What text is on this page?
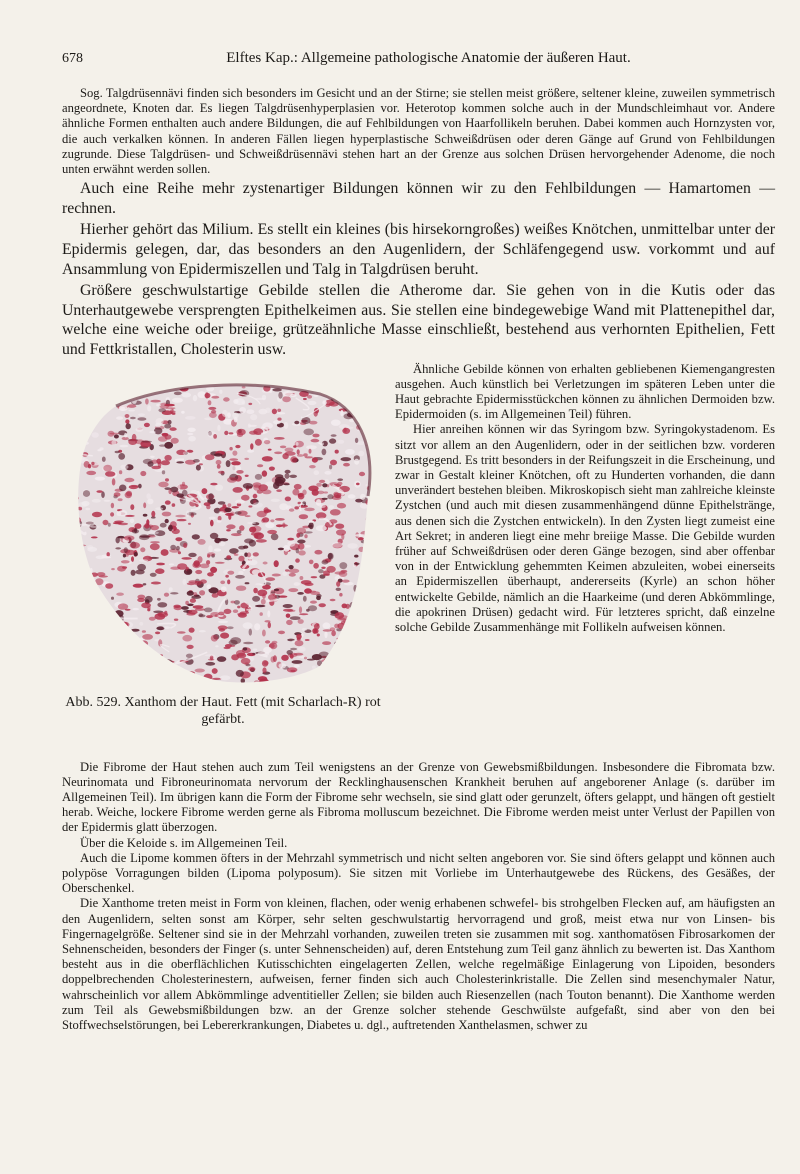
678	Elftes Kap.: Allgemeine pathologische Anatomie der äußeren Haut.

Sog. Talgdrüsennävi finden sich besonders im Gesicht und an der Stirne; sie stellen meist größere, seltener kleine, zuweilen symmetrisch angeordnete, Knoten dar. Es liegen Talgdrüsenhyperplasien vor. Heterotop kommen solche auch in der Mundschleimhaut vor. Andere ähnliche Formen enthalten auch andere Bildungen, die auf Fehlbildungen von Haarfollikeln beruhen. Dabei kommen auch Hornzysten vor, die auch verkalken können. In anderen Fällen liegen hyperplastische Schweißdrüsen oder deren Gänge auf Grund von Fehlbildungen zugrunde. Diese Talgdrüsen- und Schweißdrüsennävi stehen hart an der Grenze aus solchen Drüsen hervorgehender Adenome, die noch unten erwähnt werden sollen.

Auch eine Reihe mehr zystenartiger Bildungen können wir zu den Fehlbildungen — Hamartomen — rechnen.

Hierher gehört das Milium. Es stellt ein kleines (bis hirsekorngroßes) weißes Knötchen, unmittelbar unter der Epidermis gelegen, dar, das besonders an den Augenlidern, der Schläfengegend usw. vorkommt und auf Ansammlung von Epidermiszellen und Talg in Talgdrüsen beruht.

Größere geschwulstartige Gebilde stellen die Atherome dar. Sie gehen von in die Kutis oder das Unterhautgewebe versprengten Epithelkeimen aus. Sie stellen eine bindegewebige Wand mit Plattenepithel dar, welche eine weiche oder breiige, grützeähnliche Masse einschließt, bestehend aus verhornten Epithelien, Fett und Fettkristallen, Cholesterin usw.

Abb. 529. Xanthom der Haut. Fett (mit Scharlach-R) rot gefärbt.

Ähnliche Gebilde können von erhalten gebliebenen Kiemengangresten ausgehen. Auch künstlich bei Verletzungen im späteren Leben unter die Haut gebrachte Epidermisstückchen können zu ähnlichen Dermoiden bzw. Epidermoiden (s. im Allgemeinen Teil) führen.

Hier anreihen können wir das Syringom bzw. Syringokystadenom. Es sitzt vor allem an den Augenlidern, oder in der seitlichen bzw. vorderen Brustgegend. Es tritt besonders in der Reifungszeit in die Erscheinung, und zwar in Gestalt kleiner Knötchen, oft zu Hunderten vorhanden, die dann unverändert bestehen bleiben. Mikroskopisch sieht man zahlreiche kleinste Zystchen (und auch mit diesen zusammenhängend dünne Epithelstränge, aus denen sich die Zystchen entwickeln). In den Zysten liegt zumeist eine Art Sekret; in anderen liegt eine mehr breiige Masse. Die Gebilde wurden früher auf Schweißdrüsen oder deren Gänge bezogen, sind aber offenbar von in der Entwicklung gehemmten Keimen abzuleiten, wobei einerseits an Epidermiszellen überhaupt, andererseits (Kyrle) an schon höher entwickelte Gebilde, nämlich an die Haarkeime (und deren Abkömmlinge, die apokrinen Drüsen) gedacht wird. Für letzteres spricht, daß einzelne solche Gebilde Zusammenhänge mit Follikeln aufweisen können.

Die Fibrome der Haut stehen auch zum Teil wenigstens an der Grenze von Gewebsmißbildungen. Insbesondere die Fibromata bzw. Neurinomata und Fibroneurinomata nervorum der Recklinghausenschen Krankheit beruhen auf angeborener Anlage (s. darüber im Allgemeinen Teil). Im übrigen kann die Form der Fibrome sehr wechseln, sie sind glatt oder gerunzelt, öfters gelappt, und hängen oft gestielt herab. Weiche, lockere Fibrome werden gerne als Fibroma molluscum bezeichnet. Die Fibrome werden meist unter Verlust der Papillen von der Epidermis glatt überzogen.

Über die Keloide s. im Allgemeinen Teil.

Auch die Lipome kommen öfters in der Mehrzahl symmetrisch und nicht selten angeboren vor. Sie sind öfters gelappt und können auch polypöse Vorragungen bilden (Lipoma polyposum). Sie sitzen mit Vorliebe im Unterhautgewebe des Rückens, des Gesäßes, der Oberschenkel.

Die Xanthome treten meist in Form von kleinen, flachen, oder wenig erhabenen schwefel- bis strohgelben Flecken auf, am häufigsten an den Augenlidern, selten sonst am Körper, sehr selten geschwulstartig hervorragend und groß, meist etwa nur von Linsen- bis Fingernagelgröße. Seltener sind sie in der Mehrzahl vorhanden, zuweilen treten sie zusammen mit sog. xanthomatösen Fibrosarkomen der Sehnenscheiden, besonders der Finger (s. unter Sehnenscheiden) auf, deren Entstehung zum Teil ganz ähnlich zu bewerten ist. Das Xanthom besteht aus in die oberflächlichen Kutisschichten eingelagerten Zellen, welche regelmäßige Einlagerung von Lipoiden, besonders doppelbrechenden Cholesterinestern, aufweisen, ferner finden sich auch Cholesterinkristalle. Die Zellen sind mesenchymaler Natur, wahrscheinlich vor allem Abkömmlinge adventitieller Zellen; sie bilden auch Riesenzellen (nach Touton benannt). Die Xanthome werden zum Teil als Gewebsmißbildungen bzw. an der Grenze solcher stehende Geschwülste aufgefaßt, sind aber von den bei Stoffwechselstörungen, bei Lebererkrankungen, Diabetes u. dgl., auftretenden Xanthelasmen, schwer zu
